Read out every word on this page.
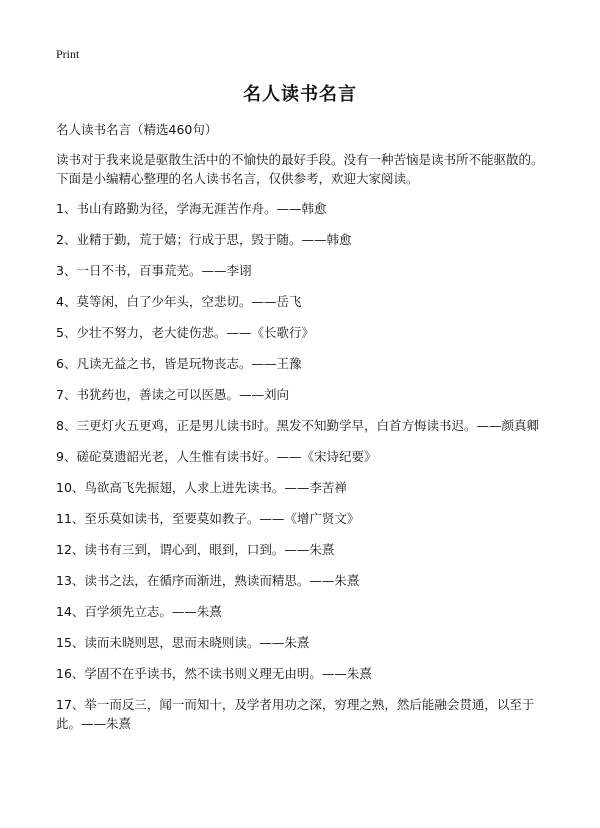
Print
名人读书名言

名人读书名言（精选460句）

读书对于我来说是驱散生活中的不愉快的最好手段。没有一种苦恼是读书所不能驱散的。下面是小编精心整理的名人读书名言，仅供参考，欢迎大家阅读。

1、书山有路勤为径，学海无涯苦作舟。——韩愈
2、业精于勤，荒于嬉；行成于思，毁于随。——韩愈
3、一日不书，百事荒芜。——李诩
4、莫等闲，白了少年头，空悲切。——岳飞
5、少壮不努力，老大徒伤悲。——《长歌行》
6、凡读无益之书，皆是玩物丧志。——王豫
7、书犹药也，善读之可以医愚。——刘向
8、三更灯火五更鸡，正是男儿读书时。黑发不知勤学早，白首方悔读书迟。——颜真卿
9、磋砣莫遗韶光老，人生惟有读书好。——《宋诗纪要》
10、鸟欲高飞先振翅，人求上进先读书。——李苦禅
11、至乐莫如读书，至要莫如教子。——《增广贤文》
12、读书有三到，谓心到，眼到，口到。——朱熹
13、读书之法，在循序而渐进，熟读而精思。——朱熹
14、百学须先立志。——朱熹
15、读而未晓则思，思而未晓则读。——朱熹
16、学固不在乎读书，然不读书则义理无由明。——朱熹
17、举一而反三，闻一而知十，及学者用功之深，穷理之熟，然后能融会贯通，以至于此。——朱熹
